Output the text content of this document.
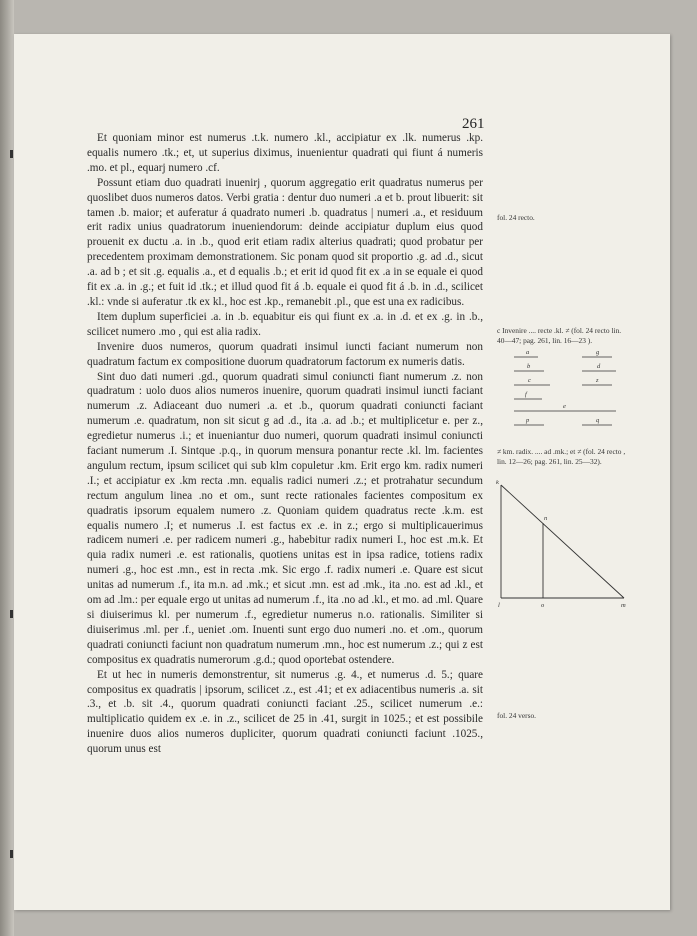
261

Et quoniam minor est numerus .t.k. numero .kl., accipiatur ex .lk. numerus .kp. equalis numero .tk.; et, ut superius diximus, inuenientur quadrati qui fiunt á numeris .mo. et pl., equarj numero .cf.

Possunt etiam duo quadrati inuenirj , quorum aggregatio erit quadratus numerus per quoslibet duos numeros datos. Verbi gratia : dentur duo numeri .a et b. prout libuerit: sit tamen .b. maior; et auferatur á quadrato numeri .b. quadratus | numeri .a., et residuum erit radix unius quadratorum inueniendorum: deinde accipiatur duplum eius quod prouenit ex ductu .a. in .b., quod erit etiam radix alterius quadrati; quod probatur per precedentem proximam demonstrationem. Sic ponam quod sit proportio .g. ad .d., sicut .a. ad b ; et sit .g. equalis .a., et d equalis .b.; et erit id quod fit ex .a in se equale ei quod fit ex .a. in .g.; et fuit id .tk.; et illud quod fit á .b. equale ei quod fit á .b. in .d., scilicet .kl.: vnde si auferatur .tk ex kl., hoc est .kp., remanebit .pl., que est una ex radicibus.

Item duplum superficiei .a. in .b. equabitur eis qui fiunt ex .a. in .d. et ex .g. in .b., scilicet numero .mo , qui est alia radix.

Invenire duos numeros, quorum quadrati insimul iuncti faciant numerum non quadratum factum ex compositione duorum quadratorum factorum ex numeris datis.

Sint duo dati numeri .gd., quorum quadrati simul coniuncti fiant numerum .z. non quadratum : uolo duos alios numeros inuenire, quorum quadrati insimul iuncti faciant numerum .z. Adiaceant duo numeri .a. et .b., quorum quadrati coniuncti faciant numerum .e. quadratum, non sit sicut g ad .d., ita .a. ad .b.; et multiplicetur e. per z., egredietur numerus .i.; et inueniantur duo numeri, quorum quadrati insimul coniuncti faciant numerum .I. Sintque .p.q., in quorum mensura ponantur recte .kl. lm. facientes angulum rectum, ipsum scilicet qui sub klm copuletur .km. Erit ergo km. radix numeri .I.; et accipiatur ex .km recta .mn. equalis radici numeri .z.; et protrahatur secundum rectum angulum linea .no et om., sunt recte rationales facientes compositum ex quadratis ipsorum equalem numero .z. Quoniam quidem quadratus recte .k.m. est equalis numero .I; et numerus .I. est factus ex .e. in z.; ergo si multiplicauerimus radicem numeri .e. per radicem numeri .g., habebitur radix numeri I., hoc est .m.k. Et quia radix numeri .e. est rationalis, quotiens unitas est in ipsa radice, totiens radix numeri .g., hoc est .mn., est in recta .mk. Sic ergo .f. radix numeri .e. Quare est sicut unitas ad numerum .f., ita m.n. ad .mk.; et sicut .mn. est ad .mk., ita .no. est ad .kl., et om ad .lm.: per equale ergo ut unitas ad numerum .f., ita .no ad .kl., et mo. ad .ml. Quare si diuiserimus kl. per numerum .f., egredietur numerus n.o. rationalis. Similiter si diuiserimus .ml. per .f., ueniet .om. Inuenti sunt ergo duo numeri .no. et .om., quorum quadrati coniuncti faciunt non quadratum numerum .mn., hoc est numerum .z.; qui z est compositus ex quadratis numerorum .g.d.; quod oportebat ostendere.

Et ut hec in numeris demonstrentur, sit numerus .g. 4., et numerus .d. 5.; quare compositus ex quadratis | ipsorum, scilicet .z., est .41; et ex adiacentibus numeris .a. sit .3., et .b. sit .4., quorum quadrati coniuncti faciant .25., scilicet numerum .e.: multiplicatio quidem ex .e. in .z., scilicet de 25 in .41, surgit in 1025.; et est possibile inuenire duos alios numeros dupliciter, quorum quadrati coniuncti faciunt .1025., quorum unus est

fol. 24 recto.
c Invenire .... recte .kl. ≠ (fol. 24 recto lin. 40—47; pag. 261, lin. 16—23 ).
≠ km. radix. .... ad .mk.; et ≠ (fol. 24 recto , lin. 12—26; pag. 261, lin. 25—32).
fol. 24 verso.
a	g
b	d
c	z
f
e
p	q
k
n
l	o	m
